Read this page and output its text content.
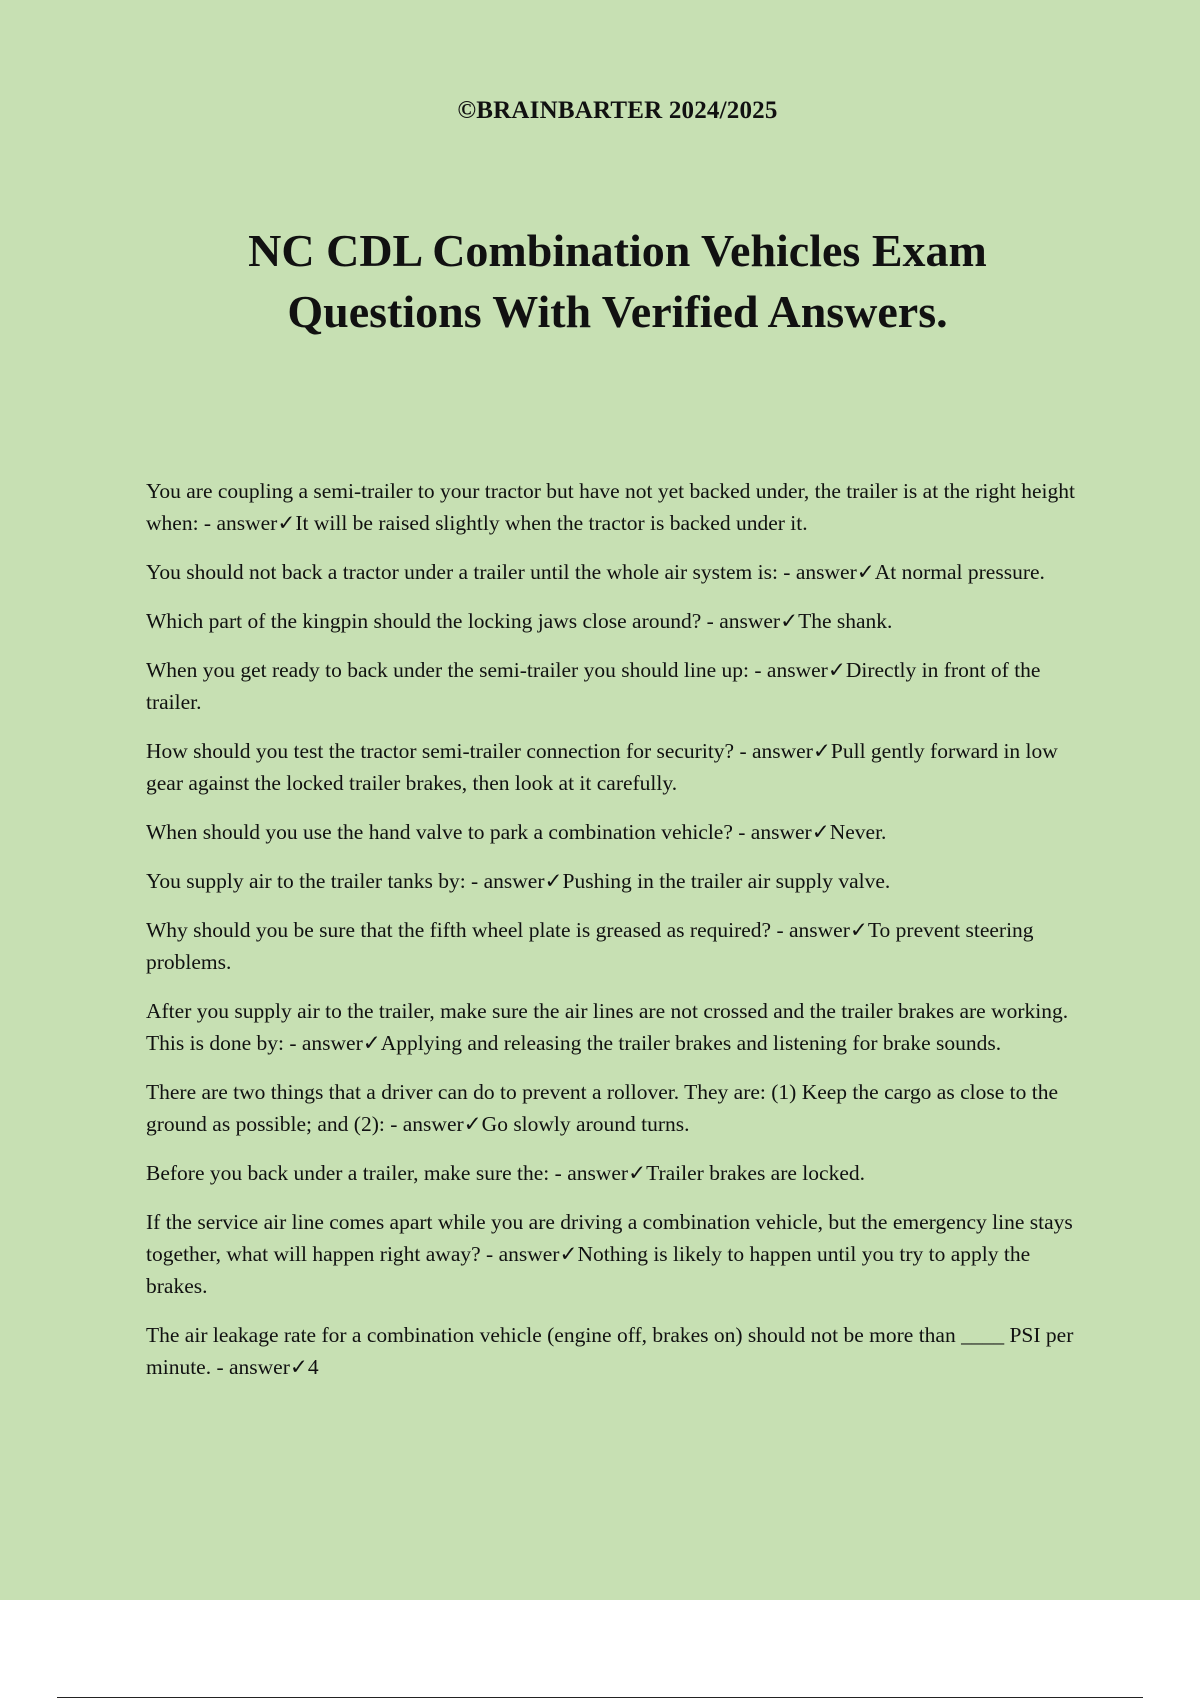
©BRAINBARTER 2024/2025
NC CDL Combination Vehicles Exam
Questions With Verified Answers.

You are coupling a semi-trailer to your tractor but have not yet backed under, the trailer is at the right height when: - answer✓It will be raised slightly when the tractor is backed under it.

You should not back a tractor under a trailer until the whole air system is: - answer✓At normal pressure.

Which part of the kingpin should the locking jaws close around? - answer✓The shank.

When you get ready to back under the semi-trailer you should line up: - answer✓Directly in front of the trailer.

How should you test the tractor semi-trailer connection for security? - answer✓Pull gently forward in low gear against the locked trailer brakes, then look at it carefully.

When should you use the hand valve to park a combination vehicle? - answer✓Never.

You supply air to the trailer tanks by: - answer✓Pushing in the trailer air supply valve.

Why should you be sure that the fifth wheel plate is greased as required? - answer✓To prevent steering problems.

After you supply air to the trailer, make sure the air lines are not crossed and the trailer brakes are working. This is done by: - answer✓Applying and releasing the trailer brakes and listening for brake sounds.

There are two things that a driver can do to prevent a rollover. They are: (1) Keep the cargo as close to the ground as possible; and (2): - answer✓Go slowly around turns.

Before you back under a trailer, make sure the: - answer✓Trailer brakes are locked.

If the service air line comes apart while you are driving a combination vehicle, but the emergency line stays together, what will happen right away? - answer✓Nothing is likely to happen until you try to apply the brakes.

The air leakage rate for a combination vehicle (engine off, brakes on) should not be more than ____ PSI per minute. - answer✓4
